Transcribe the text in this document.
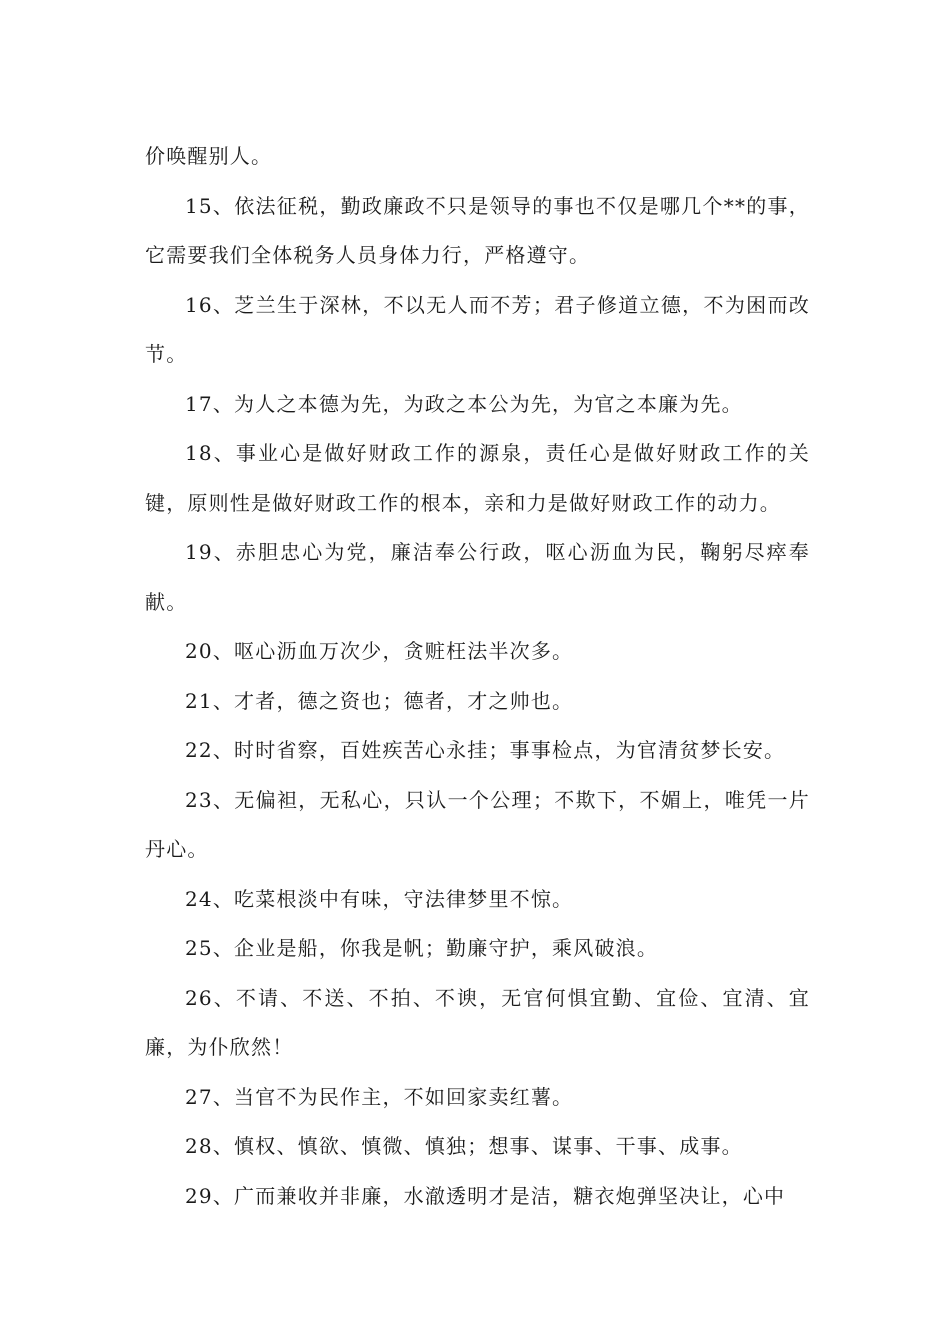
价唤醒别人。

15、依法征税，勤政廉政不只是领导的事也不仅是哪几个**的事，它需要我们全体税务人员身体力行，严格遵守。

16、芝兰生于深林，不以无人而不芳；君子修道立德，不为困而改节。

17、为人之本德为先，为政之本公为先，为官之本廉为先。

18、事业心是做好财政工作的源泉，责任心是做好财政工作的关键，原则性是做好财政工作的根本，亲和力是做好财政工作的动力。

19、赤胆忠心为党，廉洁奉公行政，呕心沥血为民，鞠躬尽瘁奉献。

20、呕心沥血万次少，贪赃枉法半次多。

21、才者，德之资也；德者，才之帅也。

22、时时省察，百姓疾苦心永挂；事事检点，为官清贫梦长安。

23、无偏袒，无私心，只认一个公理；不欺下，不媚上，唯凭一片丹心。

24、吃菜根淡中有味，守法律梦里不惊。

25、企业是船，你我是帆；勤廉守护，乘风破浪。

26、不请、不送、不拍、不谀，无官何惧宜勤、宜俭、宜清、宜廉，为仆欣然！

27、当官不为民作主，不如回家卖红薯。

28、慎权、慎欲、慎微、慎独；想事、谋事、干事、成事。

29、广而兼收并非廉，水澈透明才是洁，糖衣炮弹坚决让，心中
